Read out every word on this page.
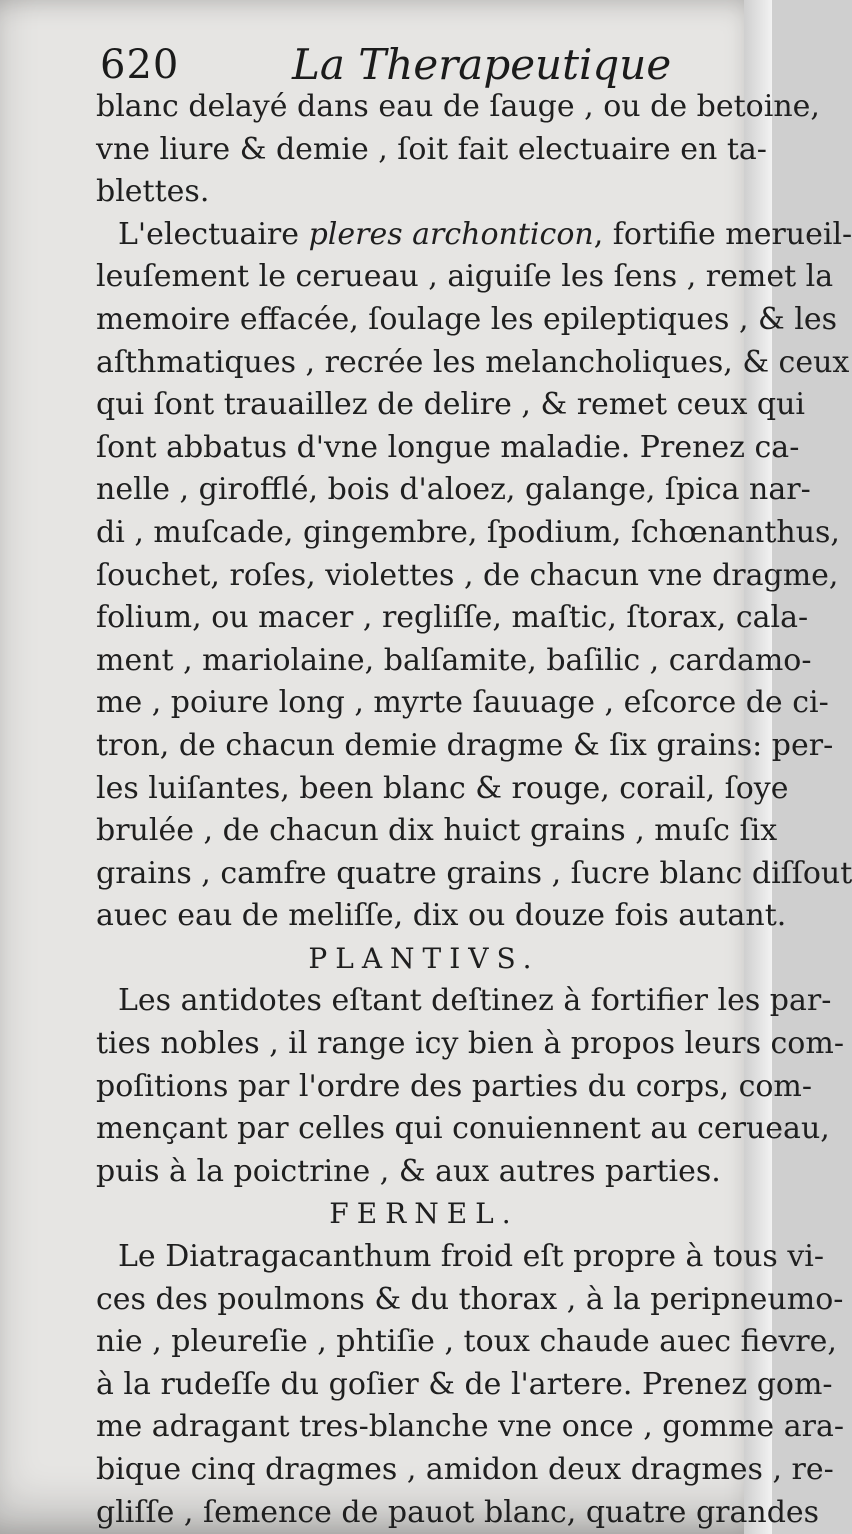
620	La Therapeutique
blanc delayé dans eau de ſauge , ou de betoine,
vne liure & demie , ſoit fait electuaire en ta-
blettes.
L'electuaire pleres archonticon, fortifie merueil-
leuſement le cerueau , aiguiſe les ſens , remet la
memoire effacée, ſoulage les epileptiques , & les
aſthmatiques , recrée les melancholiques, & ceux
qui ſont trauaillez de delire , & remet ceux qui
ſont abbatus d'vne longue maladie. Prenez ca-
nelle , girofflé, bois d'aloez, galange, ſpica nar-
di , muſcade, gingembre, ſpodium, ſchœnanthus,
ſouchet, roſes, violettes , de chacun vne dragme,
folium, ou macer , regliſſe, maſtic, ſtorax, cala-
ment , mariolaine, balſamite, baſilic , cardamo-
me , poiure long , myrte ſauuage , eſcorce de ci-
tron, de chacun demie dragme & ſix grains: per-
les luiſantes, been blanc & rouge, corail, ſoye
brulée , de chacun dix huict grains , muſc ſix
grains , camfre quatre grains , ſucre blanc diſſout
auec eau de meliſſe, dix ou douze fois autant.
PLANTIVS.
Les antidotes eſtant deſtinez à fortifier les par-
ties nobles , il range icy bien à propos leurs com-
poſitions par l'ordre des parties du corps, com-
mençant par celles qui conuiennent au cerueau,
puis à la poictrine , & aux autres parties.
FERNEL.
Le Diatragacanthum froid eſt propre à tous vi-
ces des poulmons & du thorax , à la peripneumo-
nie , pleureſie , phtiſie , toux chaude auec fievre,
à la rudeſſe du goſier & de l'artere. Prenez gom-
me adragant tres-blanche vne once , gomme ara-
bique cinq dragmes , amidon deux dragmes , re-
gliſſe , ſemence de pauot blanc, quatre grandes
